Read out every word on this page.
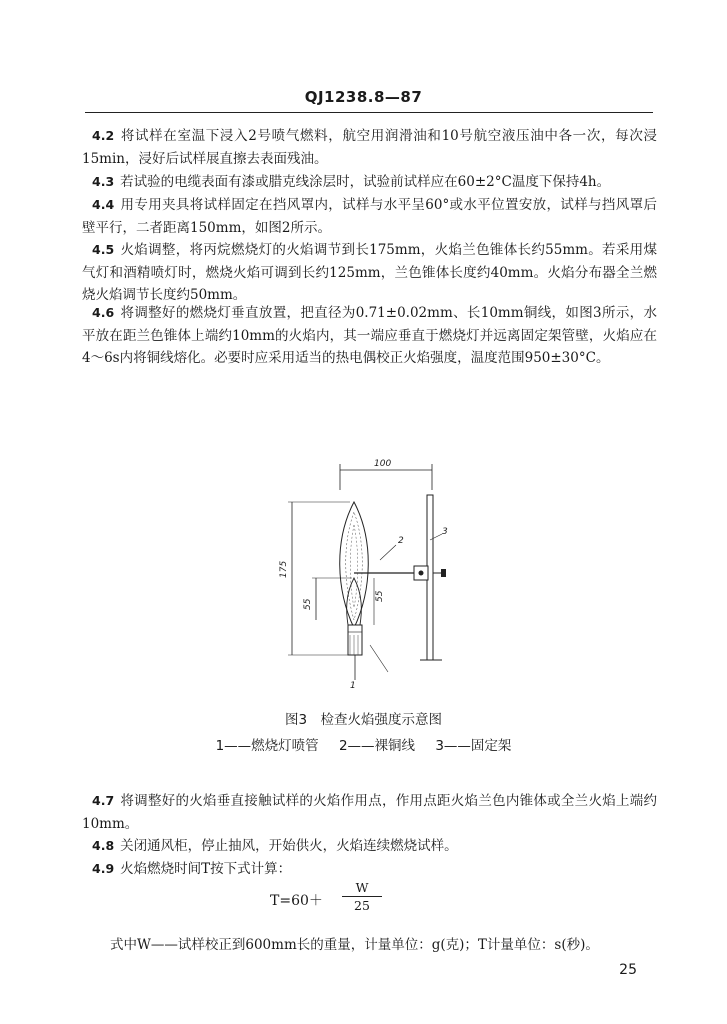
QJ1238.8—87
4.2 将试样在室温下浸入2号喷气燃料，航空用润滑油和10号航空液压油中各一次，每次浸15min，浸好后试样展直擦去表面残油。
4.3 若试验的电缆表面有漆或腊克线涂层时，试验前试样应在60±2°C温度下保持4h。
4.4 用专用夹具将试样固定在挡风罩内，试样与水平呈60°或水平位置安放，试样与挡风罩后壁平行，二者距离150mm，如图2所示。
4.5 火焰调整，将丙烷燃烧灯的火焰调节到长175mm，火焰兰色锥体长约55mm。若采用煤气灯和酒精喷灯时，燃烧火焰可调到长约125mm，兰色锥体长度约40mm。火焰分布器全兰燃烧火焰调节长度约50mm。
4.6 将调整好的燃烧灯垂直放置，把直径为0.71±0.02mm、长10mm铜线，如图3所示，水平放在距兰色锥体上端约10mm的火焰内，其一端应垂直于燃烧灯并远离固定架管壁，火焰应在4～6s内将铜线熔化。必要时应采用适当的热电偶校正火焰强度，温度范围950±30°C。
100
175
55
55
1
2
3
图3　检查火焰强度示意图
1——燃烧灯喷管 2——裸铜线 3——固定架
4.7 将调整好的火焰垂直接触试样的火焰作用点，作用点距火焰兰色内锥体或全兰火焰上端约10mm。
4.8 关闭通风柜，停止抽风，开始供火，火焰连续燃烧试样。
4.9 火焰燃烧时间T按下式计算：
T=60＋
W
25
式中W——试样校正到600mm长的重量，计量单位：g(克)；T计量单位：s(秒)。
25
